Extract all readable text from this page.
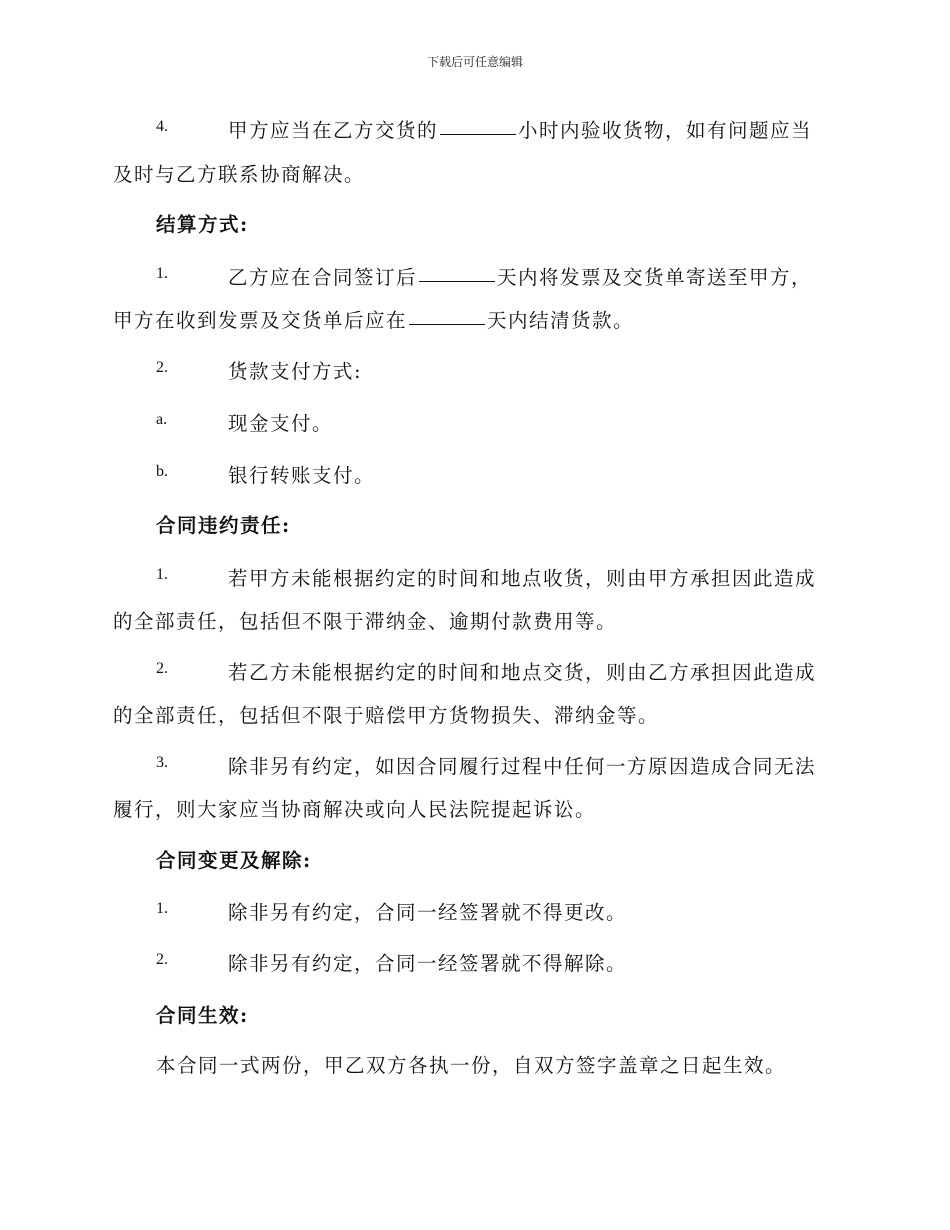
下载后可任意编辑
4.	甲方应当在乙方交货的	小时内验收货物，如有问题应当
及时与乙方联系协商解决。
结算方式:
1.	乙方应在合同签订后	天内将发票及交货单寄送至甲方，
甲方在收到发票及交货单后应在	天内结清货款。
2.	货款支付方式:
a.	现金支付。
b.	银行转账支付。
合同违约责任:
1.	若甲方未能根据约定的时间和地点收货，则由甲方承担因此造成
的全部责任，包括但不限于滞纳金、逾期付款费用等。
2.	若乙方未能根据约定的时间和地点交货，则由乙方承担因此造成
的全部责任，包括但不限于赔偿甲方货物损失、滞纳金等。
3.	除非另有约定，如因合同履行过程中任何一方原因造成合同无法
履行，则大家应当协商解决或向人民法院提起诉讼。
合同变更及解除:
1.	除非另有约定，合同一经签署就不得更改。
2.	除非另有约定，合同一经签署就不得解除。
合同生效:
本合同一式两份，甲乙双方各执一份，自双方签字盖章之日起生效。
